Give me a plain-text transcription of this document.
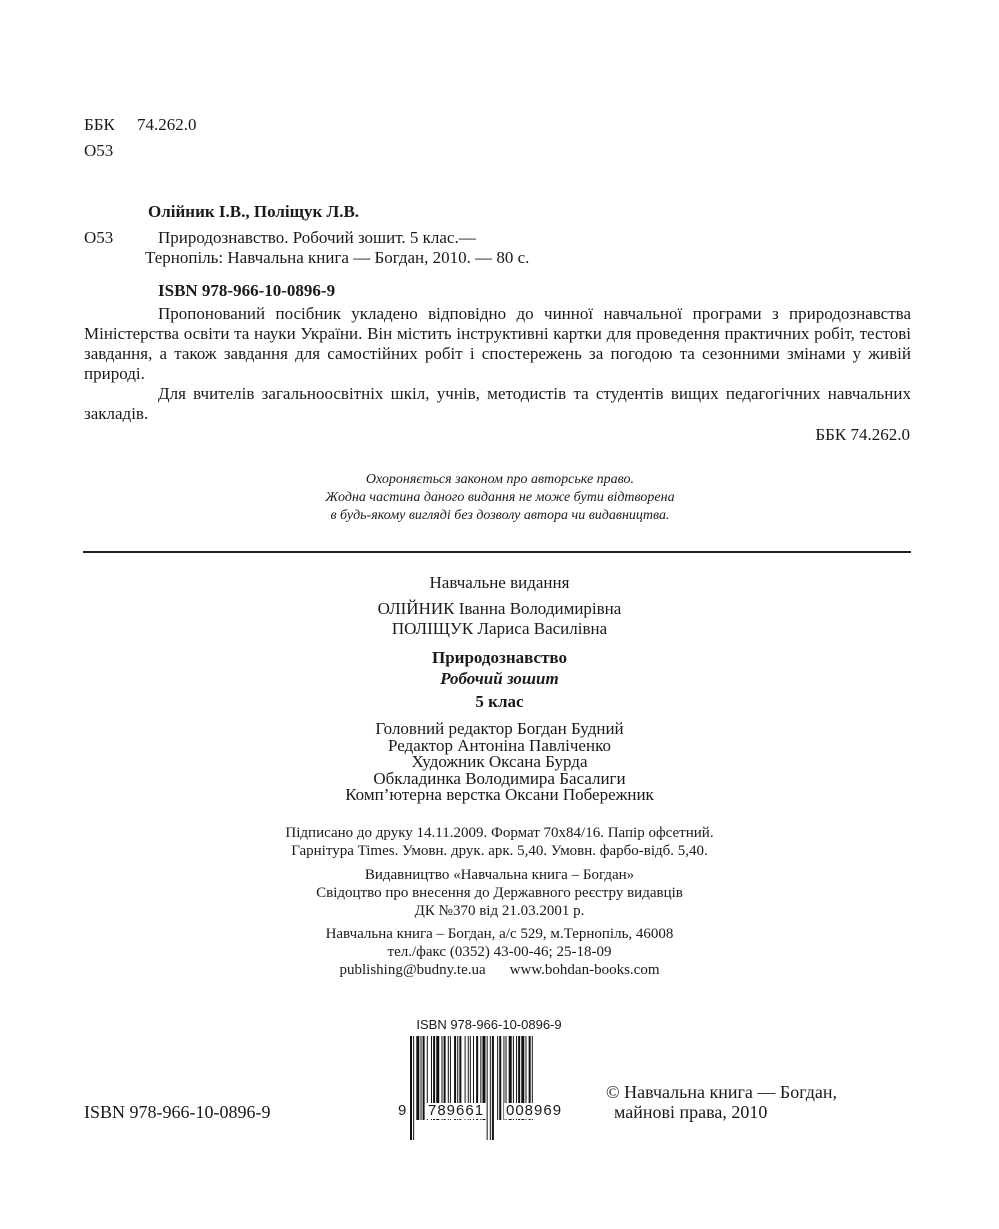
ББК 74.262.0
О53
Олійник І.В., Поліщук Л.В.
О53	Природознавство. Робочий зошит. 5 клас.—
Тернопіль: Навчальна книга — Богдан, 2010. — 80 с.
ISBN 978-966-10-0896-9
Пропонований посібник укладено відповідно до чинної навчальної програми з природознавства Міністерства освіти та науки України. Він містить інструктивні картки для проведення практичних робіт, тестові завдання, а також завдання для самостійних робіт і спостережень за погодою та сезонними змінами у живій природі.
Для вчителів загальноосвітніх шкіл, учнів, методистів та студентів вищих педагогічних навчальних закладів.
ББК 74.262.0
Охороняється законом про авторське право.
Жодна частина даного видання не може бути відтворена
в будь-якому вигляді без дозволу автора чи видавництва.
Навчальне видання
ОЛІЙНИК Іванна Володимирівна
ПОЛІЩУК Лариса Василівна
Природознавство
Робочий зошит
5 клас
Головний редактор Богдан Будний
Редактор Антоніна Павліченко
Художник Оксана Бурда
Обкладинка Володимира Басалиги
Комп’ютерна верстка Оксани Побережник
Підписано до друку 14.11.2009. Формат 70х84/16. Папір офсетний.
Гарнітура Times. Умовн. друк. арк. 5,40. Умовн. фарбо-відб. 5,40.
Видавництво «Навчальна книга – Богдан»
Свідоцтво про внесення до Державного реєстру видавців
ДК №370 від 21.03.2001 р.
Навчальна книга – Богдан, а/с 529, м.Тернопіль, 46008
тел./факс (0352) 43-00-46; 25-18-09
publishing@budny.te.ua www.bohdan-books.com
ISBN 978-966-10-0896-9
ISBN 978-966-10-0896-9
9 789661 008969
© Навчальна книга — Богдан,
майнові права, 2010
